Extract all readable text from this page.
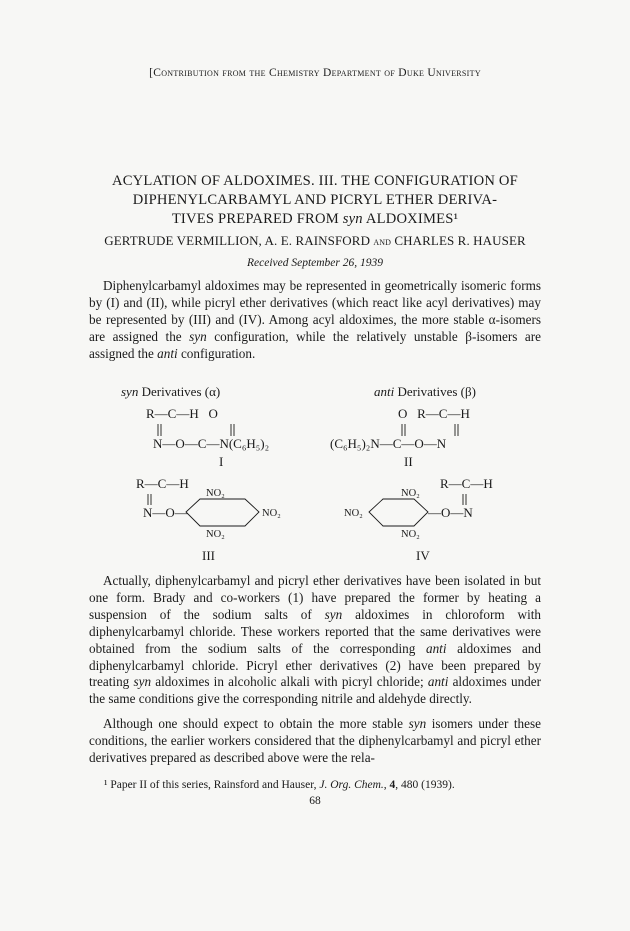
[Contribution from the Chemistry Department of Duke University
ACYLATION OF ALDOXIMES. III. THE CONFIGURATION OF
DIPHENYLCARBAMYL AND PICRYL ETHER DERIVA-
TIVES PREPARED FROM syn ALDOXIMES¹
GERTRUDE VERMILLION, A. E. RAINSFORD and CHARLES R. HAUSER
Received September 26, 1939
Diphenylcarbamyl aldoximes may be represented in geometrically isomeric forms by (I) and (II), while picryl ether derivatives (which react like acyl derivatives) may be represented by (III) and (IV). Among acyl aldoximes, the more stable α-isomers are assigned the syn configuration, while the relatively unstable β-isomers are assigned the anti configuration.
syn Derivatives (α)	anti Derivatives (β)
R—C—H   O
N—O—C—N(C₆H₅)₂
I
O   R—C—H
(C₆H₅)₂N—C—O—N
II
R—C—H
N—O—
NO₂
NO₂
NO₂
III
R—C—H
NO₂
NO₂
NO₂
—O—N
IV
Actually, diphenylcarbamyl and picryl ether derivatives have been isolated in but one form. Brady and co-workers (1) have prepared the former by heating a suspension of the sodium salts of syn aldoximes in chloroform with diphenylcarbamyl chloride. These workers reported that the same derivatives were obtained from the sodium salts of the corresponding anti aldoximes and diphenylcarbamyl chloride. Picryl ether derivatives (2) have been prepared by treating syn aldoximes in alcoholic alkali with picryl chloride; anti aldoximes under the same conditions give the corresponding nitrile and aldehyde directly.
Although one should expect to obtain the more stable syn isomers under these conditions, the earlier workers considered that the diphenylcarbamyl and picryl ether derivatives prepared as described above were the rela-
¹ Paper II of this series, Rainsford and Hauser, J. Org. Chem., 4, 480 (1939).
68
